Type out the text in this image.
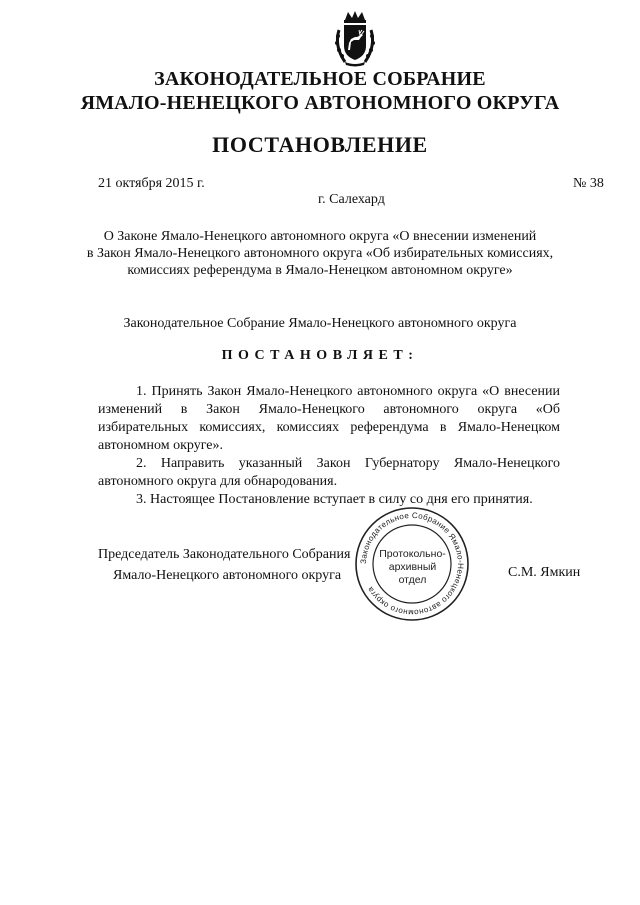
ЗАКОНОДАТЕЛЬНОЕ СОБРАНИЕ
ЯМАЛО-НЕНЕЦКОГО АВТОНОМНОГО ОКРУГА
ПОСТАНОВЛЕНИЕ
21 октября 2015 г.	№ 38
г. Салехард
О Законе Ямало-Ненецкого автономного округа «О внесении изменений
в Закон Ямало-Ненецкого автономного округа «Об избирательных комиссиях,
комиссиях референдума в Ямало-Ненецком автономном округе»
Законодательное Собрание Ямало-Ненецкого автономного округа
ПОСТАНОВЛЯЕТ:

1. Принять Закон Ямало-Ненецкого автономного округа «О внесении изменений в Закон Ямало-Ненецкого автономного округа «Об избирательных комиссиях, комиссиях референдума в Ямало-Ненецком автономном округе».

2. Направить указанный Закон Губернатору Ямало-Ненецкого автономного округа для обнародования.

3. Настоящее Постановление вступает в силу со дня его принятия.

Председатель Законодательного Собрания
Ямало-Ненецкого автономного округа
Законодательное Собрание Ямало-Ненецкого автономного округа
Протокольно-
архивный
отдел	С.М. Ямкин
